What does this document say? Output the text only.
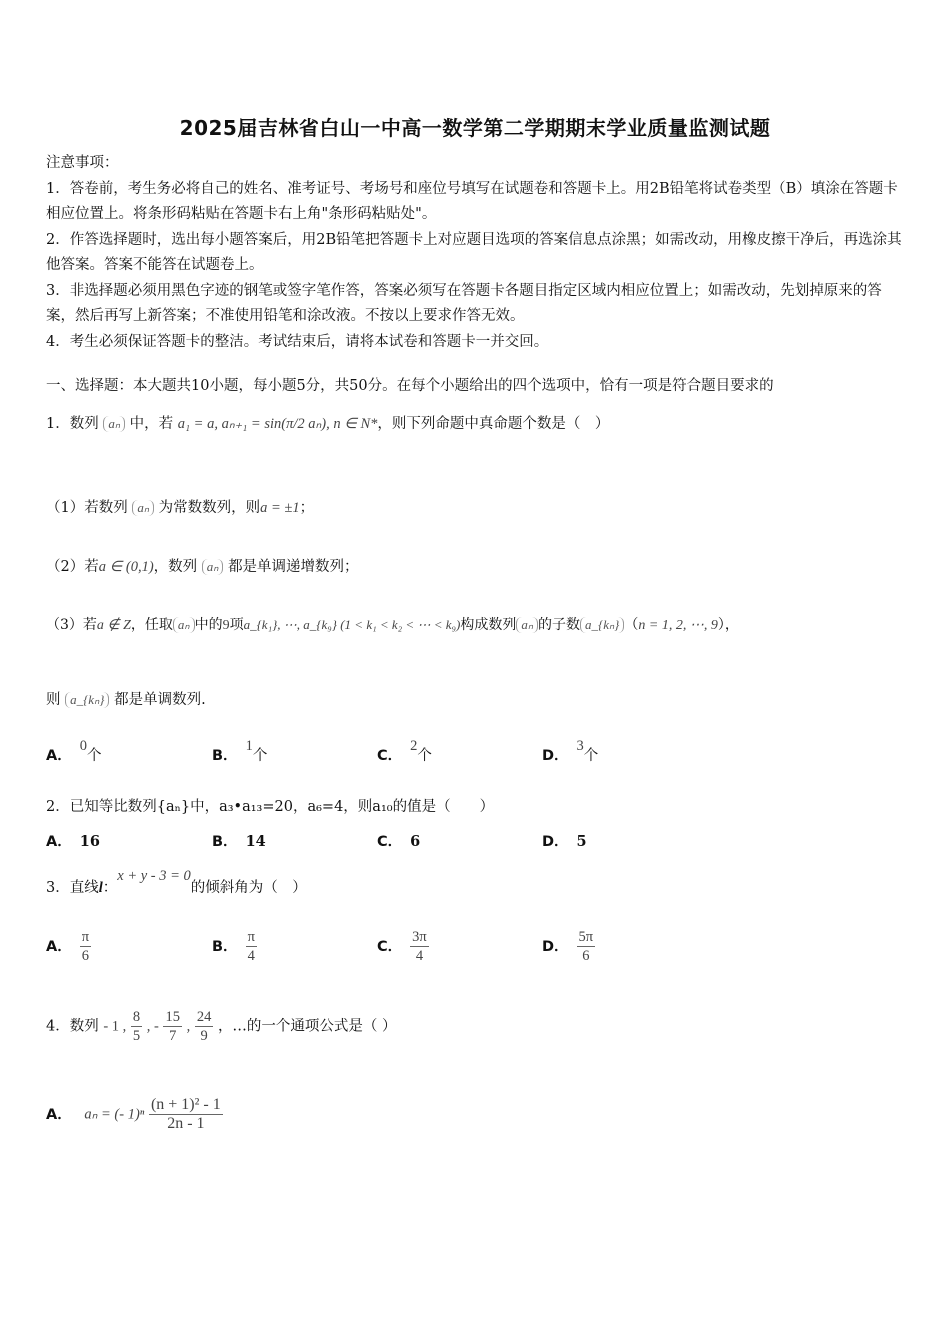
2025届吉林省白山一中高一数学第二学期期末学业质量监测试题

注意事项：

1．答卷前，考生务必将自己的姓名、准考证号、考场号和座位号填写在试题卷和答题卡上。用2B铅笔将试卷类型（B）填涂在答题卡相应位置上。将条形码粘贴在答题卡右上角"条形码粘贴处"。

2．作答选择题时，选出每小题答案后，用2B铅笔把答题卡上对应题目选项的答案信息点涂黑；如需改动，用橡皮擦干净后，再选涂其他答案。答案不能答在试题卷上。

3．非选择题必须用黑色字迹的钢笔或签字笔作答，答案必须写在答题卡各题目指定区域内相应位置上；如需改动，先划掉原来的答案，然后再写上新答案；不准使用铅笔和涂改液。不按以上要求作答无效。

4．考生必须保证答题卡的整洁。考试结束后，请将本试卷和答题卡一并交回。

一、选择题：本大题共10小题，每小题5分，共50分。在每个小题给出的四个选项中，恰有一项是符合题目要求的
1．数列 aₙ 中，若 a₁ = a, aₙ₊₁ = sin(π/2 aₙ), n ∈ N*，则下列命题中真命题个数是（　）
（1）若数列 aₙ 为常数数列，则a = ±1；
（2）若a ∈ (0,1)，数列 aₙ 都是单调递增数列；
（3）若a ∉ Z，任取 aₙ 中的9项a_{k₁}, ⋯, a_{k₉} (1 < k₁ < k₂ < ⋯ < k₉)构成数列 aₙ 的子数 a_{kₙ} （n = 1, 2, ⋯, 9），
则 a_{kₙ} 都是单调数列.
A．0个	B．1个	C．2个	D．3个
2．已知等比数列{aₙ}中，a₃•a₁₃=20，a₆=4，则a₁₀的值是（　　）
A． 16	B． 14	C． 6	D． 5
3．直线l：x + y - 3 = 0的倾斜角为（　）
A． $\frac{\pi}{6}$	B． $\frac{\pi}{4}$	C． $\frac{3\pi}{4}$	D． $\frac{5\pi}{6}$
4．数列 - 1 , $\frac{8}{5}$ , - $\frac{15}{7}$ , $\frac{24}{9}$ ，…的一个通项公式是（ ）
A． aₙ = (- $1)^n \frac{\text{(n + 1)² - 1}}{2n - 1}$
